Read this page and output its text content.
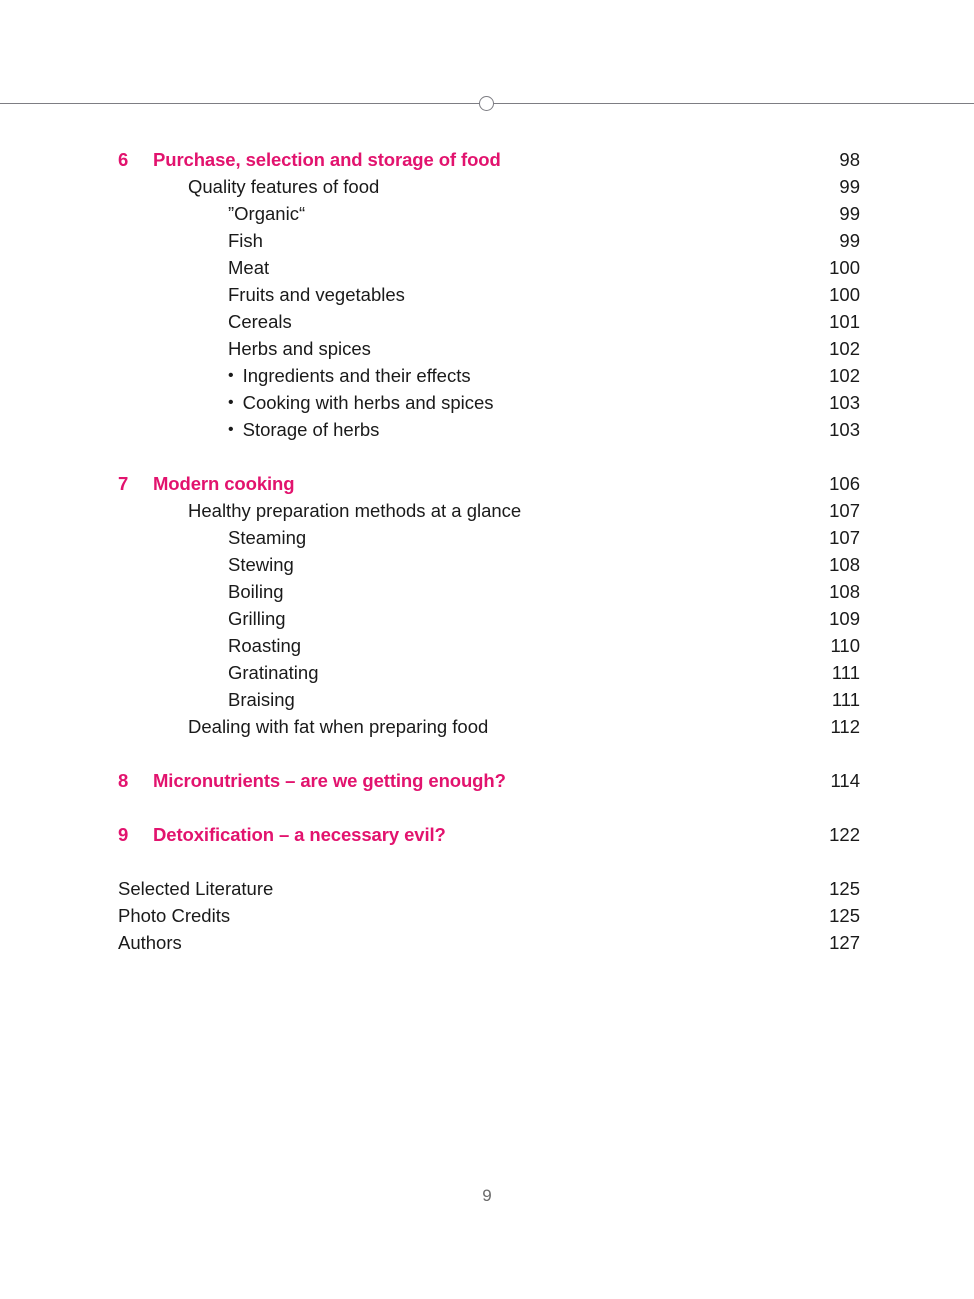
6	Purchase, selection and storage of food	98
Quality features of food	99
”Organic“	99
Fish	99
Meat	100
Fruits and vegetables	100
Cereals	101
Herbs and spices	102
• Ingredients and their effects	102
• Cooking with herbs and spices	103
• Storage of herbs	103
7	Modern cooking	106
Healthy preparation methods at a glance	107
Steaming	107
Stewing	108
Boiling	108
Grilling	109
Roasting	110
Gratinating	111
Braising	111
Dealing with fat when preparing food	112
8	Micronutrients – are we getting enough?	114
9	Detoxification – a necessary evil?	122
Selected Literature	125
Photo Credits	125
Authors	127
9
